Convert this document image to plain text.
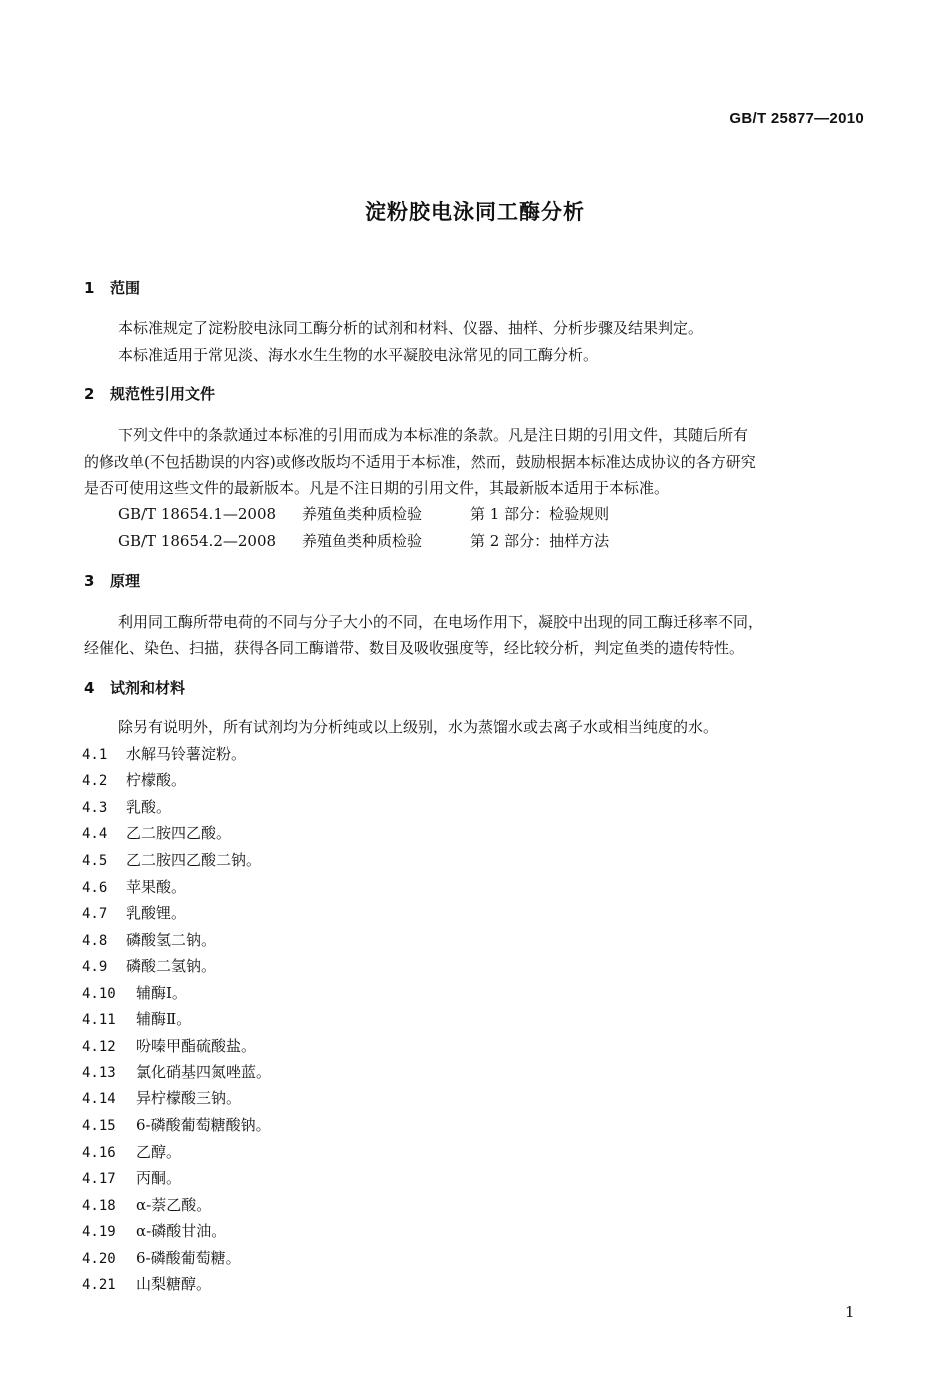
GB/T 25877—2010
淀粉胶电泳同工酶分析
1 范围
本标准规定了淀粉胶电泳同工酶分析的试剂和材料、仪器、抽样、分析步骤及结果判定。
本标准适用于常见淡、海水水生生物的水平凝胶电泳常见的同工酶分析。
2 规范性引用文件
下列文件中的条款通过本标准的引用而成为本标准的条款。凡是注日期的引用文件，其随后所有
的修改单(不包括勘误的内容)或修改版均不适用于本标准，然而，鼓励根据本标准达成协议的各方研究
是否可使用这些文件的最新版本。凡是不注日期的引用文件，其最新版本适用于本标准。
GB/T 18654.1—2008 养殖鱼类种质检验	第 1 部分：检验规则
GB/T 18654.2—2008 养殖鱼类种质检验	第 2 部分：抽样方法
3 原理
利用同工酶所带电荷的不同与分子大小的不同，在电场作用下，凝胶中出现的同工酶迁移率不同，
经催化、染色、扫描，获得各同工酶谱带、数目及吸收强度等，经比较分析，判定鱼类的遗传特性。
4 试剂和材料
除另有说明外，所有试剂均为分析纯或以上级别，水为蒸馏水或去离子水或相当纯度的水。
4.1 水解马铃薯淀粉。
4.2 柠檬酸。
4.3 乳酸。
4.4 乙二胺四乙酸。
4.5 乙二胺四乙酸二钠。
4.6 苹果酸。
4.7 乳酸锂。
4.8 磷酸氢二钠。
4.9 磷酸二氢钠。
4.10 辅酶Ⅰ。
4.11 辅酶Ⅱ。
4.12 吩嗪甲酯硫酸盐。
4.13 氯化硝基四氮唑蓝。
4.14 异柠檬酸三钠。
4.15 6-磷酸葡萄糖酸钠。
4.16 乙醇。
4.17 丙酮。
4.18 α-萘乙酸。
4.19 α-磷酸甘油。
4.20 6-磷酸葡萄糖。
4.21 山梨糖醇。
1
